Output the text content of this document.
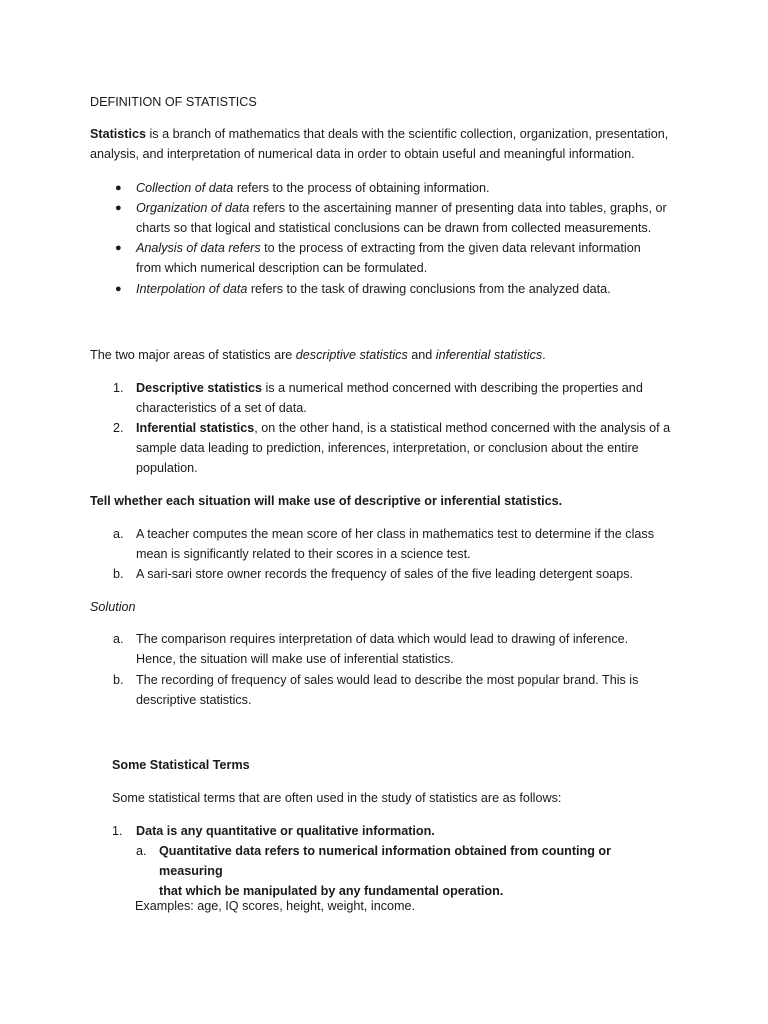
DEFINITION OF STATISTICS

Statistics is a branch of mathematics that deals with the scientific collection, organization, presentation,
analysis, and interpretation of numerical data in order to obtain useful and meaningful information.

● Collection of data refers to the process of obtaining information.
● Organization of data refers to the ascertaining manner of presenting data into tables, graphs, or
charts so that logical and statistical conclusions can be drawn from collected measurements.
● Analysis of data refers to the process of extracting from the given data relevant information
from which numerical description can be formulated.
● Interpolation of data refers to the task of drawing conclusions from the analyzed data.

The two major areas of statistics are descriptive statistics and inferential statistics.

1. Descriptive statistics is a numerical method concerned with describing the properties and
characteristics of a set of data.
2. Inferential statistics, on the other hand, is a statistical method concerned with the analysis of a
sample data leading to prediction, inferences, interpretation, or conclusion about the entire
population.

Tell whether each situation will make use of descriptive or inferential statistics.

a. A teacher computes the mean score of her class in mathematics test to determine if the class
mean is significantly related to their scores in a science test.
b. A sari-sari store owner records the frequency of sales of the five leading detergent soaps.

Solution

a. The comparison requires interpretation of data which would lead to drawing of inference.
Hence, the situation will make use of inferential statistics.
b. The recording of frequency of sales would lead to describe the most popular brand. This is
descriptive statistics.

Some Statistical Terms

Some statistical terms that are often used in the study of statistics are as follows:

1. Data is any quantitative or qualitative information.
a. Quantitative data refers to numerical information obtained from counting or measuring
that which be manipulated by any fundamental operation.

Examples: age, IQ scores, height, weight, income.
